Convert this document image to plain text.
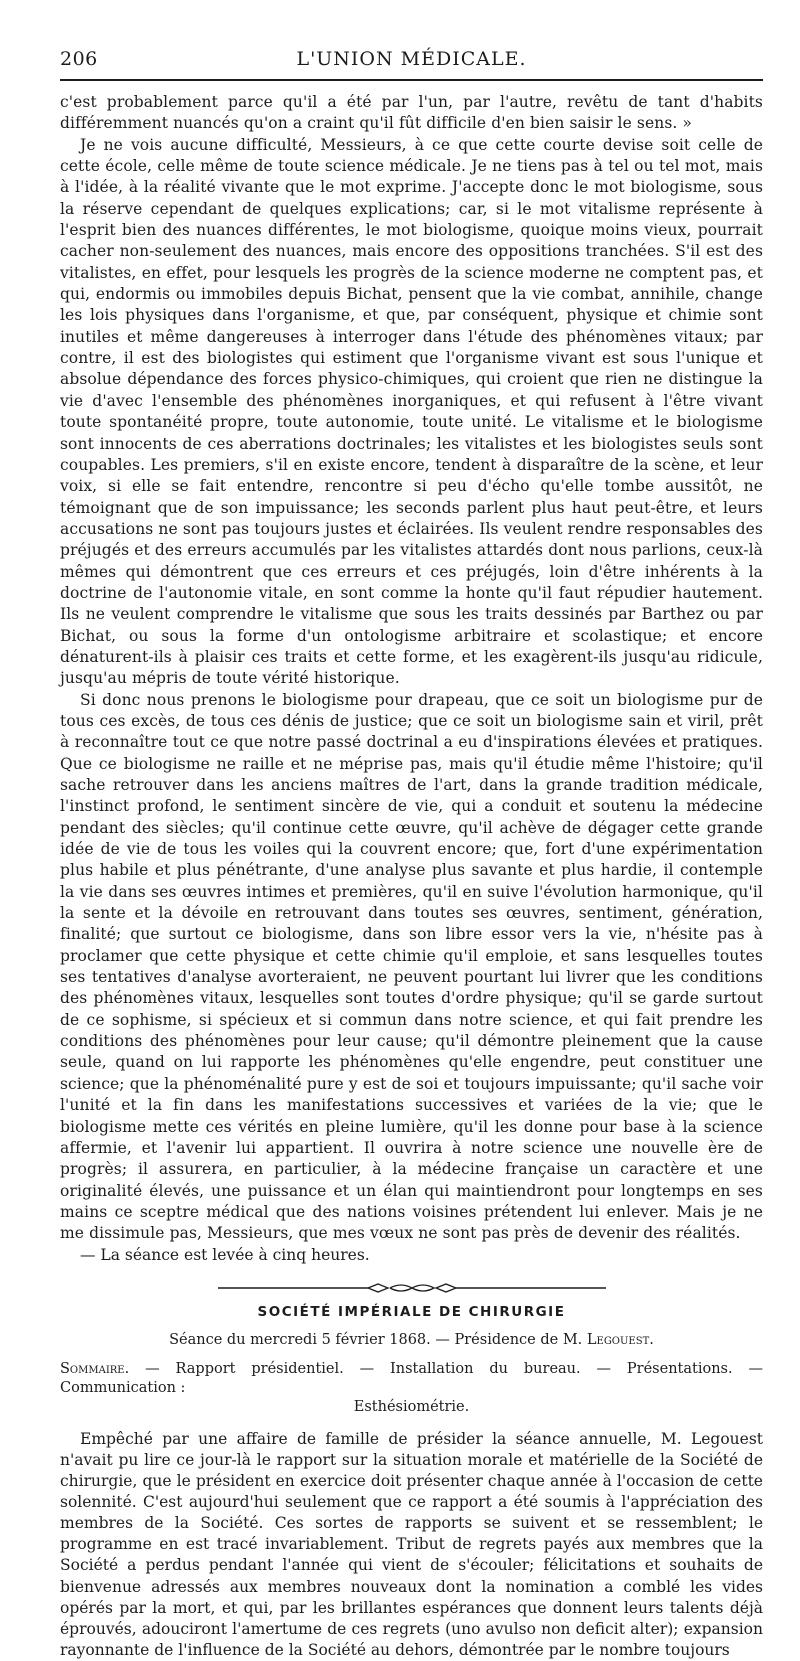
206	L'UNION MÉDICALE.

c'est probablement parce qu'il a été par l'un, par l'autre, revêtu de tant d'habits différemment nuancés qu'on a craint qu'il fût difficile d'en bien saisir le sens. »

Je ne vois aucune difficulté, Messieurs, à ce que cette courte devise soit celle de cette école, celle même de toute science médicale. Je ne tiens pas à tel ou tel mot, mais à l'idée, à la réalité vivante que le mot exprime. J'accepte donc le mot biologisme, sous la réserve cependant de quelques explications; car, si le mot vitalisme représente à l'esprit bien des nuances différentes, le mot biologisme, quoique moins vieux, pourrait cacher non-seulement des nuances, mais encore des oppositions tranchées. S'il est des vitalistes, en effet, pour lesquels les progrès de la science moderne ne comptent pas, et qui, endormis ou immobiles depuis Bichat, pensent que la vie combat, annihile, change les lois physiques dans l'organisme, et que, par conséquent, physique et chimie sont inutiles et même dangereuses à interroger dans l'étude des phénomènes vitaux; par contre, il est des biologistes qui estiment que l'organisme vivant est sous l'unique et absolue dépendance des forces physico-chimiques, qui croient que rien ne distingue la vie d'avec l'ensemble des phénomènes inorganiques, et qui refusent à l'être vivant toute spontanéité propre, toute autonomie, toute unité. Le vitalisme et le biologisme sont innocents de ces aberrations doctrinales; les vitalistes et les biologistes seuls sont coupables. Les premiers, s'il en existe encore, tendent à disparaître de la scène, et leur voix, si elle se fait entendre, rencontre si peu d'écho qu'elle tombe aussitôt, ne témoignant que de son impuissance; les seconds parlent plus haut peut-être, et leurs accusations ne sont pas toujours justes et éclairées. Ils veulent rendre responsables des préjugés et des erreurs accumulés par les vitalistes attardés dont nous parlions, ceux-là mêmes qui démontrent que ces erreurs et ces préjugés, loin d'être inhérents à la doctrine de l'autonomie vitale, en sont comme la honte qu'il faut répudier hautement. Ils ne veulent comprendre le vitalisme que sous les traits dessinés par Barthez ou par Bichat, ou sous la forme d'un ontologisme arbitraire et scolastique; et encore dénaturent-ils à plaisir ces traits et cette forme, et les exagèrent-ils jusqu'au ridicule, jusqu'au mépris de toute vérité historique.

Si donc nous prenons le biologisme pour drapeau, que ce soit un biologisme pur de tous ces excès, de tous ces dénis de justice; que ce soit un biologisme sain et viril, prêt à reconnaître tout ce que notre passé doctrinal a eu d'inspirations élevées et pratiques. Que ce biologisme ne raille et ne méprise pas, mais qu'il étudie même l'histoire; qu'il sache retrouver dans les anciens maîtres de l'art, dans la grande tradition médicale, l'instinct profond, le sentiment sincère de vie, qui a conduit et soutenu la médecine pendant des siècles; qu'il continue cette œuvre, qu'il achève de dégager cette grande idée de vie de tous les voiles qui la couvrent encore; que, fort d'une expérimentation plus habile et plus pénétrante, d'une analyse plus savante et plus hardie, il contemple la vie dans ses œuvres intimes et premières, qu'il en suive l'évolution harmonique, qu'il la sente et la dévoile en retrouvant dans toutes ses œuvres, sentiment, génération, finalité; que surtout ce biologisme, dans son libre essor vers la vie, n'hésite pas à proclamer que cette physique et cette chimie qu'il emploie, et sans lesquelles toutes ses tentatives d'analyse avorteraient, ne peuvent pourtant lui livrer que les conditions des phénomènes vitaux, lesquelles sont toutes d'ordre physique; qu'il se garde surtout de ce sophisme, si spécieux et si commun dans notre science, et qui fait prendre les conditions des phénomènes pour leur cause; qu'il démontre pleinement que la cause seule, quand on lui rapporte les phénomènes qu'elle engendre, peut constituer une science; que la phénoménalité pure y est de soi et toujours impuissante; qu'il sache voir l'unité et la fin dans les manifestations successives et variées de la vie; que le biologisme mette ces vérités en pleine lumière, qu'il les donne pour base à la science affermie, et l'avenir lui appartient. Il ouvrira à notre science une nouvelle ère de progrès; il assurera, en particulier, à la médecine française un caractère et une originalité élevés, une puissance et un élan qui maintiendront pour longtemps en ses mains ce sceptre médical que des nations voisines prétendent lui enlever. Mais je ne me dissimule pas, Messieurs, que mes vœux ne sont pas près de devenir des réalités.

— La séance est levée à cinq heures.

SOCIÉTÉ IMPÉRIALE DE CHIRURGIE

Séance du mercredi 5 février 1868. — Présidence de M. Legouest.

Sommaire. — Rapport présidentiel. — Installation du bureau. — Présentations. — Communication :
Esthésiométrie.

Empêché par une affaire de famille de présider la séance annuelle, M. Legouest n'avait pu lire ce jour-là le rapport sur la situation morale et matérielle de la Société de chirurgie, que le président en exercice doit présenter chaque année à l'occasion de cette solennité. C'est aujourd'hui seulement que ce rapport a été soumis à l'appréciation des membres de la Société. Ces sortes de rapports se suivent et se ressemblent; le programme en est tracé invariablement. Tribut de regrets payés aux membres que la Société a perdus pendant l'année qui vient de s'écouler; félicitations et souhaits de bienvenue adressés aux membres nouveaux dont la nomination a comblé les vides opérés par la mort, et qui, par les brillantes espérances que donnent leurs talents déjà éprouvés, adouciront l'amertume de ces regrets (uno avulso non deficit alter); expansion rayonnante de l'influence de la Société au dehors, démontrée par le nombre toujours
